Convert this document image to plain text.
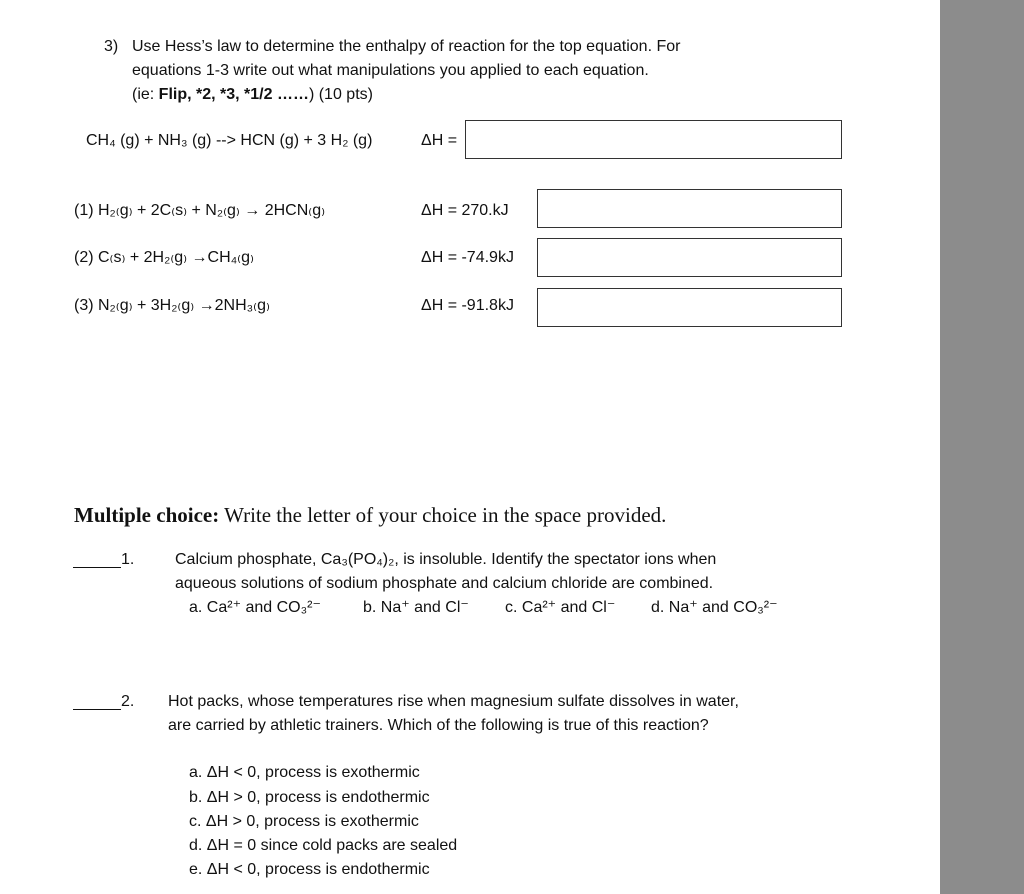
3) Use Hess’s law to determine the enthalpy of reaction for the top equation. For
equations 1-3 write out what manipulations you applied to each equation.
(ie: Flip, *2, *3, *1/2 ……) (10 pts)
CH₄ (g) + NH₃ (g) --> HCN (g) + 3 H₂ (g)	ΔH =
(1) H₂₍g₎ + 2C₍s₎ + N₂₍g₎ → 2HCN₍g₎	ΔH = 270.kJ
(2) C₍s₎ + 2H₂₍g₎ →CH₄₍g₎	ΔH = -74.9kJ
(3) N₂₍g₎ + 3H₂₍g₎ →2NH₃₍g₎	ΔH = -91.8kJ
Multiple choice: Write the letter of your choice in the space provided.
1.	Calcium phosphate, Ca₃(PO₄)₂, is insoluble. Identify the spectator ions when
aqueous solutions of sodium phosphate and calcium chloride are combined.
a. Ca²⁺ and CO₃²⁻	b. Na⁺ and Cl⁻ c. Ca²⁺ and Cl⁻ d. Na⁺ and CO₃²⁻
2. Hot packs, whose temperatures rise when magnesium sulfate dissolves in water,
are carried by athletic trainers. Which of the following is true of this reaction?
a. ΔH < 0, process is exothermic
b. ΔH > 0, process is endothermic
c. ΔH > 0, process is exothermic
d. ΔH = 0 since cold packs are sealed
e. ΔH < 0, process is endothermic
